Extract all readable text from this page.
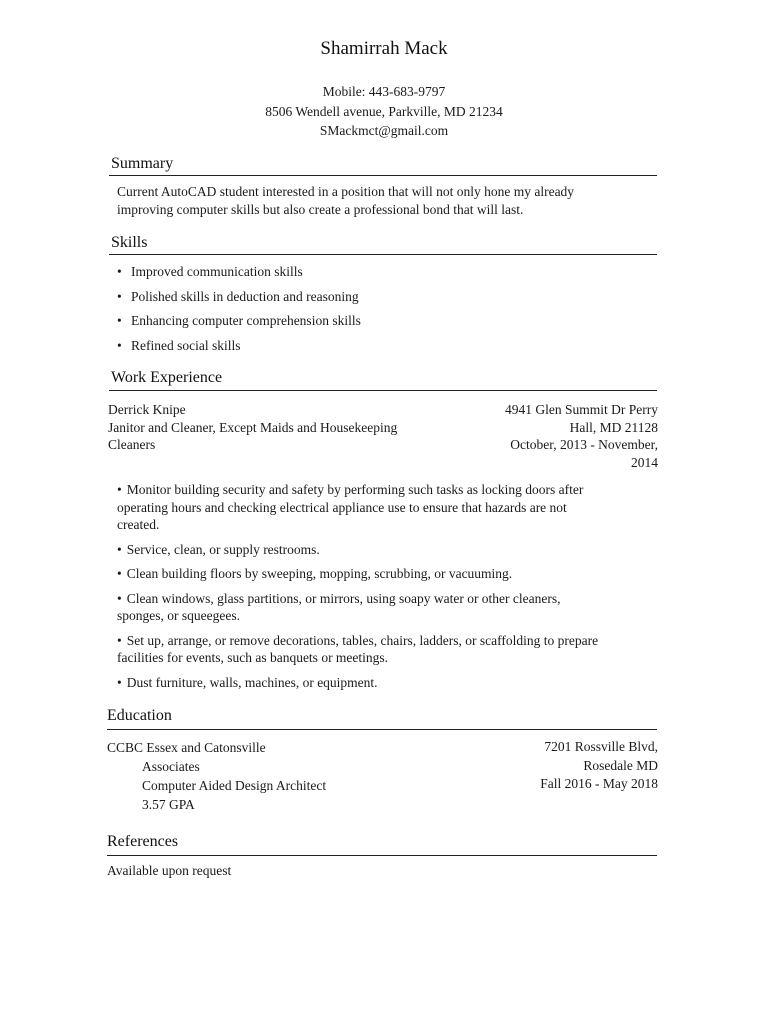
Shamirrah Mack
Mobile: 443-683-9797
8506 Wendell avenue, Parkville, MD 21234
SMackmct@gmail.com
Summary
Current AutoCAD student interested in a position that will not only hone my already
improving computer skills but also create a professional bond that will last.
Skills
• Improved communication skills
• Polished skills in deduction and reasoning
• Enhancing computer comprehension skills
• Refined social skills
Work Experience
Derrick Knipe
Janitor and Cleaner, Except Maids and Housekeeping
Cleaners
4941 Glen Summit Dr Perry
Hall, MD 21128
October, 2013 - November,
2014
• Monitor building security and safety by performing such tasks as locking doors after
operating hours and checking electrical appliance use to ensure that hazards are not
created.
• Service, clean, or supply restrooms.
• Clean building floors by sweeping, mopping, scrubbing, or vacuuming.
• Clean windows, glass partitions, or mirrors, using soapy water or other cleaners,
sponges, or squeegees.
• Set up, arrange, or remove decorations, tables, chairs, ladders, or scaffolding to prepare
facilities for events, such as banquets or meetings.
• Dust furniture, walls, machines, or equipment.
Education
CCBC Essex and Catonsville
Associates
Computer Aided Design Architect
3.57 GPA
7201 Rossville Blvd,
Rosedale MD
Fall 2016 - May 2018
References
Available upon request
